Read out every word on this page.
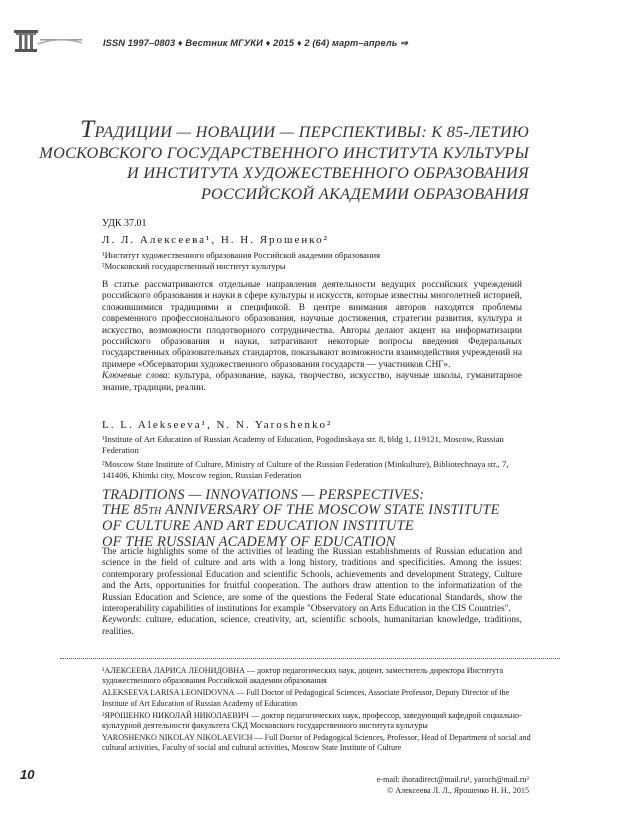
ISSN 1997–0803 ♦ Вестник МГУКИ ♦ 2015 ♦ 2 (64) март–апрель ⇒
ТРАДИЦИИ — НОВАЦИИ — ПЕРСПЕКТИВЫ: К 85-ЛЕТИЮ
МОСКОВСКОГО ГОСУДАРСТВЕННОГО ИНСТИТУТА КУЛЬТУРЫ
И ИНСТИТУТА ХУДОЖЕСТВЕННОГО ОБРАЗОВАНИЯ
РОССИЙСКОЙ АКАДЕМИИ ОБРАЗОВАНИЯ
УДК 37.01
Л. Л. Алексеева¹, Н. Н. Ярошенко²

¹Институт художественного образования Российской академии образования

²Московский государственный институт культуры

В статье рассматриваются отдельные направления деятельности ведущих российских учреждений российского образования и науки в сфере культуры и искусств, которые известны многолетней историей, сложившимися традициями и спецификой. В центре внимания авторов находятся проблемы современного профессионального образования, научные достижения, стратегии развития, культура и искусство, возможности плодотворного сотрудничества. Авторы делают акцент на информатизации российского образования и науки, затрагивают некоторые вопросы введения Федеральных государственных образовательных стандартов, показывают возможности взаимодействия учреждений на примере «Обсерватории художественного образования государств — участников СНГ».

Ключевые слова: культура, образование, наука, творчество, искусство, научные школы, гуманитарное знание, традиции, реалии.

L. L. Alekseeva¹, N. N. Yaroshenko²

¹Institute of Art Education of Russian Academy of Education, Pogodinskaya str. 8, bldg 1, 119121, Moscow, Russian Federation

²Moscow State Institute of Culture, Ministry of Culture of the Russian Federation (Minkulture), Bibliotechnaya str., 7, 141406, Khimki city, Moscow region, Russian Federation

TRADITIONS — INNOVATIONS — PERSPECTIVES:
THE 85TH ANNIVERSARY OF THE MOSCOW STATE INSTITUTE
OF CULTURE AND ART EDUCATION INSTITUTE
OF THE RUSSIAN ACADEMY OF EDUCATION

The article highlights some of the activities of leading the Russian establishments of Russian education and science in the field of culture and arts with a long history, traditions and specificities. Among the issues: contemporary professional Education and scientific Schools, achievements and development Strategy, Culture and the Arts, opportunities for fruitful cooperation. The authors draw attention to the informatization of the Russian Education and Science, are some of the questions the Federal State educational Standards, show the interoperability capabilities of institutions for example "Observatory on Arts Education in the CIS Countries".

Keywords: culture, education, science, creativity, art, scientific schools, humanitarian knowledge, traditions, realities.

¹АЛЕКСЕЕВА ЛАРИСА ЛЕОНИДОВНА — доктор педагогических наук, доцент, заместитель директора Института художественного образования Российской академии образования

ALEKSEEVA LARISA LEONIDOVNA — Full Doctor of Pedagogical Sciences, Associate Professor, Deputy Director of the Institute of Art Education of Russian Academy of Education

²ЯРОШЕНКО НИКОЛАЙ НИКОЛАЕВИЧ — доктор педагогических наук, профессор, заведующий кафедрой социально-культурной деятельности факультета СКД Московского государственного института культуры

YAROSHENKO NIKOLAY NIKOLAEVICH — Full Doctor of Pedagogical Sciences, Professor, Head of Department of social and cultural activities, Faculty of social and cultural activities, Moscow State Institute of Culture

10	e-mail: ihoradirect@mail.ru¹, yaroch@mail.ru²
© Алексеева Л. Л., Ярошенко Н. Н., 2015
